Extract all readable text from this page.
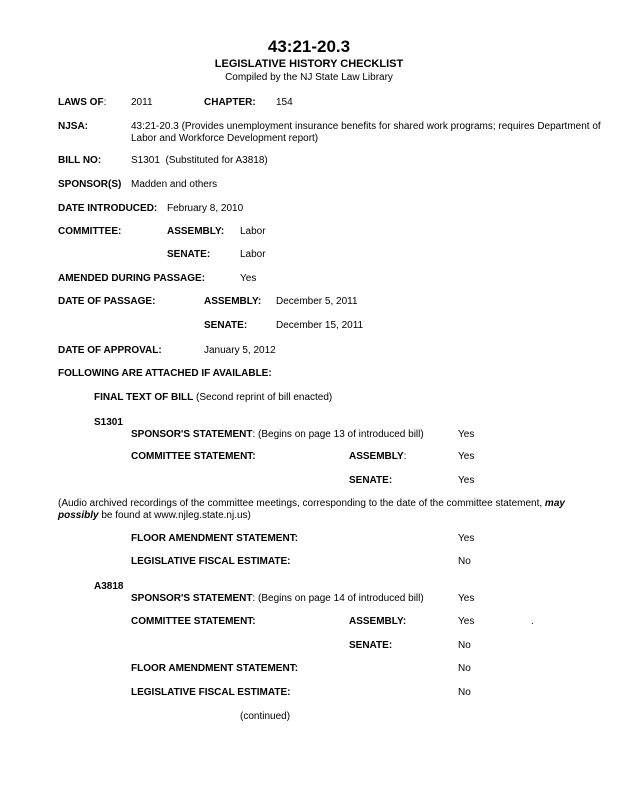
43:21-20.3
LEGISLATIVE HISTORY CHECKLIST
Compiled by the NJ State Law Library
LAWS OF: 2011	CHAPTER: 154
NJSA:	43:21-20.3 (Provides unemployment insurance benefits for shared work programs; requires Department of Labor and Workforce Development report)
BILL NO:	S1301  (Substituted for A3818)
SPONSOR(S) Madden and others
DATE INTRODUCED: February 8, 2010
COMMITTEE:	ASSEMBLY: Labor
SENATE:	Labor
AMENDED DURING PASSAGE:	Yes
DATE OF PASSAGE:	ASSEMBLY: December 5, 2011
SENATE:	December 15, 2011
DATE OF APPROVAL:	January 5, 2012
FOLLOWING ARE ATTACHED IF AVAILABLE:
FINAL TEXT OF BILL (Second reprint of bill enacted)
S1301
SPONSOR'S STATEMENT: (Begins on page 13 of introduced bill)	Yes
COMMITTEE STATEMENT:	ASSEMBLY:	Yes
SENATE:	Yes
(Audio archived recordings of the committee meetings, corresponding to the date of the committee statement, may possibly be found at www.njleg.state.nj.us)
FLOOR AMENDMENT STATEMENT:	Yes
LEGISLATIVE FISCAL ESTIMATE:	No
A3818
SPONSOR'S STATEMENT: (Begins on page 14 of introduced bill)	Yes
COMMITTEE STATEMENT:	ASSEMBLY:	Yes	.
SENATE:	No
FLOOR AMENDMENT STATEMENT:	No
LEGISLATIVE FISCAL ESTIMATE:	No
(continued)
